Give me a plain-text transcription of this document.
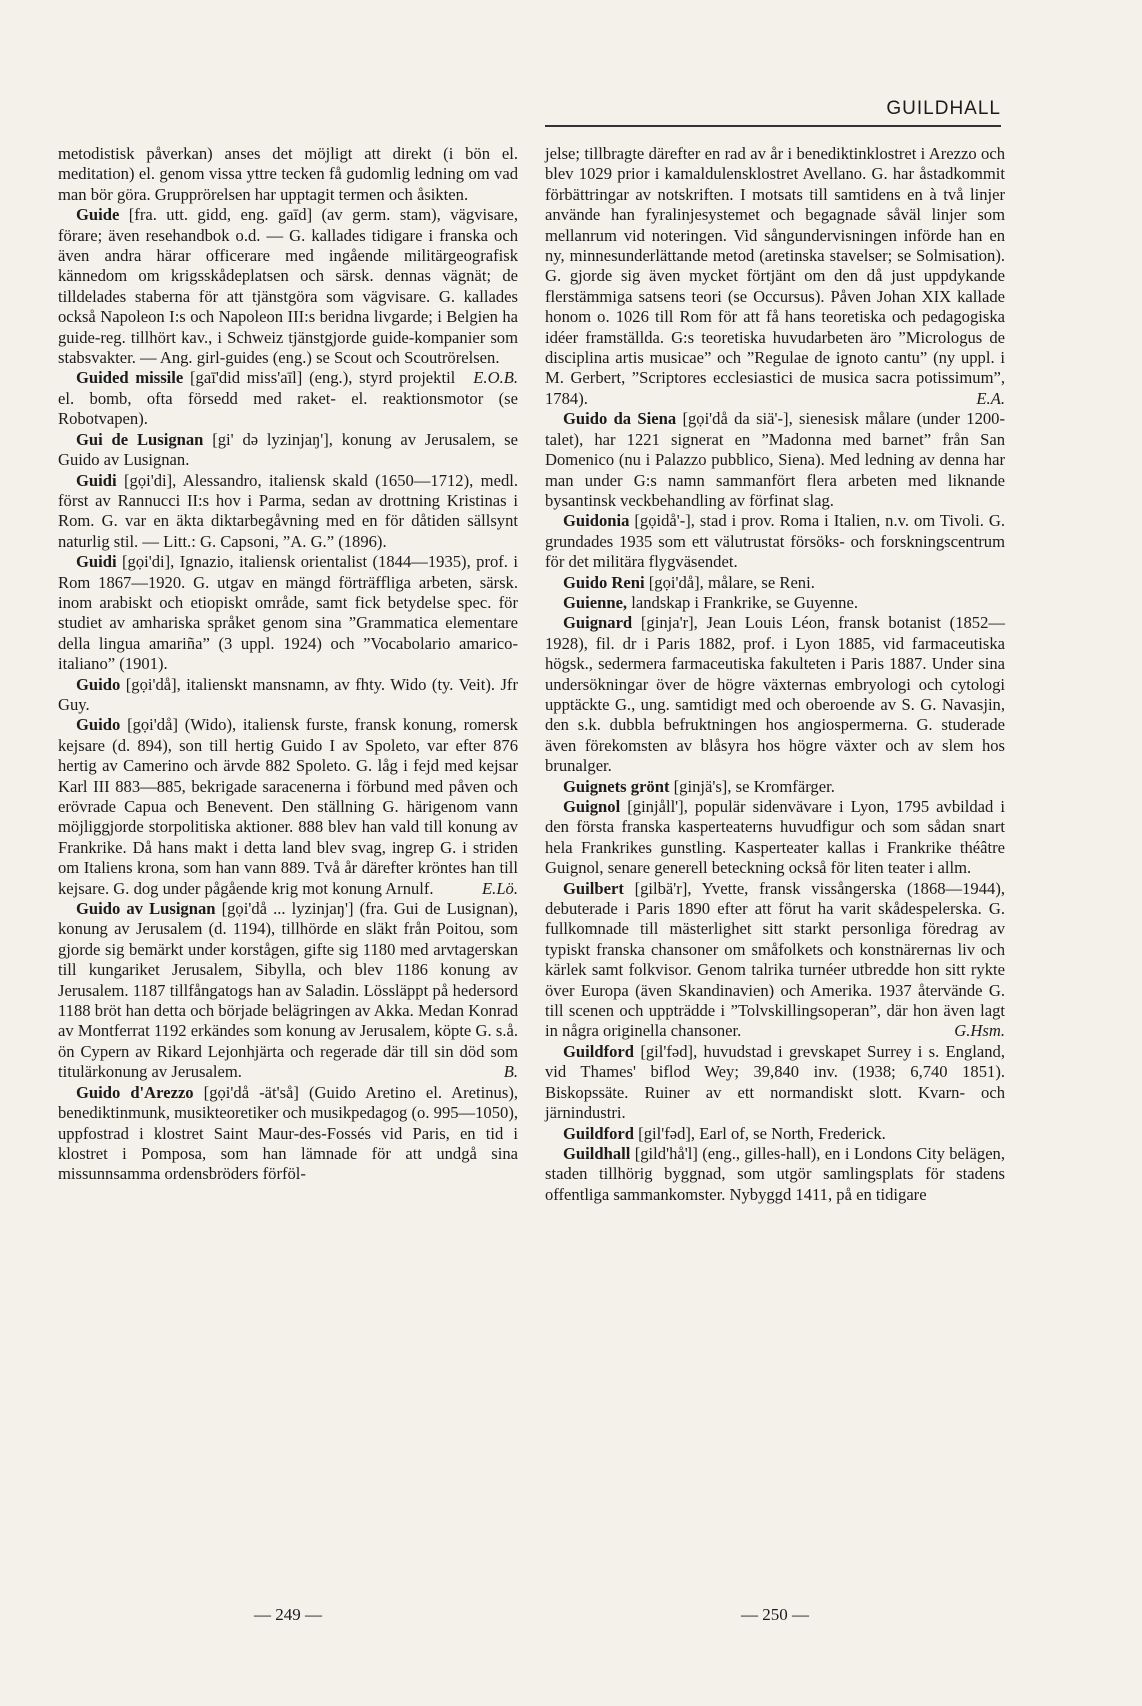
GUILDHALL

metodistisk påverkan) anses det möjligt att direkt (i bön el. meditation) el. genom vissa yttre tecken få gudomlig ledning om vad man bör göra. Grupprörelsen har upptagit termen och åsikten.

Guide [fra. utt. gidd, eng. gaīd] (av germ. stam), vägvisare, förare; även resehandbok o.d. — G. kallades tidigare i franska och även andra härar officerare med ingående militärgeografisk kännedom om krigsskådeplatsen och särsk. dennas vägnät; de tilldelades staberna för att tjänstgöra som vägvisare. G. kallades också Napoleon I:s och Napoleon III:s beridna livgarde; i Belgien ha guide-reg. tillhört kav., i Schweiz tjänstgjorde guide-kompanier som stabsvakter. — Ang. girl-guides (eng.) se Scout och Scoutrörelsen.
E.O.B.

Guided missile [gaī'did miss'aīl] (eng.), styrd projektil el. bomb, ofta försedd med raket- el. reaktionsmotor (se Robotvapen).

Gui de Lusignan [gi' də lyzinjaŋ'], konung av Jerusalem, se Guido av Lusignan.

Guidi [gọi'di], Alessandro, italiensk skald (1650—1712), medl. först av Rannucci II:s hov i Parma, sedan av drottning Kristinas i Rom. G. var en äkta diktarbegåvning med en för dåtiden sällsynt naturlig stil. — Litt.: G. Capsoni, ”A. G.” (1896).

Guidi [gọi'di], Ignazio, italiensk orientalist (1844—1935), prof. i Rom 1867—1920. G. utgav en mängd förträffliga arbeten, särsk. inom arabiskt och etiopiskt område, samt fick betydelse spec. för studiet av amhariska språket genom sina ”Grammatica elementare della lingua amariña” (3 uppl. 1924) och ”Vocabolario amarico-italiano” (1901).

Guido [gọi'då], italienskt mansnamn, av fhty. Wido (ty. Veit). Jfr Guy.

Guido [gọi'då] (Wido), italiensk furste, fransk konung, romersk kejsare (d. 894), son till hertig Guido I av Spoleto, var efter 876 hertig av Camerino och ärvde 882 Spoleto. G. låg i fejd med kejsar Karl III 883—885, bekrigade saracenerna i förbund med påven och erövrade Capua och Benevent. Den ställning G. härigenom vann möjliggjorde storpolitiska aktioner. 888 blev han vald till konung av Frankrike. Då hans makt i detta land blev svag, ingrep G. i striden om Italiens krona, som han vann 889. Två år därefter kröntes han till kejsare. G. dog under pågående krig mot konung Arnulf.	E.Lö.

Guido av Lusignan [gọi'då ... lyzinjaŋ'] (fra. Gui de Lusignan), konung av Jerusalem (d. 1194), tillhörde en släkt från Poitou, som gjorde sig bemärkt under korstågen, gifte sig 1180 med arvtagerskan till kungariket Jerusalem, Sibylla, och blev 1186 konung av Jerusalem. 1187 tillfångatogs han av Saladin. Lössläppt på hedersord 1188 bröt han detta och började belägringen av Akka. Medan Konrad av Montferrat 1192 erkändes som konung av Jerusalem, köpte G. s.å. ön Cypern av Rikard Lejonhjärta och regerade där till sin död som titulärkonung av Jerusalem.	B.

Guido d'Arezzo [gọi'då -ät'så] (Guido Aretino el. Aretinus), benediktinmunk, musikteoretiker och musikpedagog (o. 995—1050), uppfostrad i klostret Saint Maur-des-Fossés vid Paris, en tid i klostret i Pomposa, som han lämnade för att undgå sina missunnsamma ordensbröders förföl-

jelse; tillbragte därefter en rad av år i benediktinklostret i Arezzo och blev 1029 prior i kamaldulensklostret Avellano. G. har åstadkommit förbättringar av notskriften. I motsats till samtidens en à två linjer använde han fyralinjesystemet och begagnade såväl linjer som mellanrum vid noteringen. Vid sångundervisningen införde han en ny, minnesunderlättande metod (aretinska stavelser; se Solmisation). G. gjorde sig även mycket förtjänt om den då just uppdykande flerstämmiga satsens teori (se Occursus). Påven Johan XIX kallade honom o. 1026 till Rom för att få hans teoretiska och pedagogiska idéer framställda. G:s teoretiska huvudarbeten äro ”Micrologus de disciplina artis musicae” och ”Regulae de ignoto cantu” (ny uppl. i M. Gerbert, ”Scriptores ecclesiastici de musica sacra potissimum”, 1784).	E.A.

Guido da Siena [gọi'då da siä'-], sienesisk målare (under 1200-talet), har 1221 signerat en ”Madonna med barnet” från San Domenico (nu i Palazzo pubblico, Siena). Med ledning av denna har man under G:s namn sammanfört flera arbeten med liknande bysantinsk veckbehandling av förfinat slag.

Guidonia [gọidå'-], stad i prov. Roma i Italien, n.v. om Tivoli. G. grundades 1935 som ett välutrustat försöks- och forskningscentrum för det militära flygväsendet.

Guido Reni [gọi'då], målare, se Reni.

Guienne, landskap i Frankrike, se Guyenne.

Guignard [ginja'r], Jean Louis Léon, fransk botanist (1852—1928), fil. dr i Paris 1882, prof. i Lyon 1885, vid farmaceutiska högsk., sedermera farmaceutiska fakulteten i Paris 1887. Under sina undersökningar över de högre växternas embryologi och cytologi upptäckte G., ung. samtidigt med och oberoende av S. G. Navasjin, den s.k. dubbla befruktningen hos angiospermerna. G. studerade även förekomsten av blåsyra hos högre växter och av slem hos brunalger.

Guignets grönt [ginjä's], se Kromfärger.

Guignol [ginjåll'], populär sidenvävare i Lyon, 1795 avbildad i den första franska kasperteaterns huvudfigur och som sådan snart hela Frankrikes gunstling. Kasperteater kallas i Frankrike théâtre Guignol, senare generell beteckning också för liten teater i allm.

Guilbert [gilbä'r], Yvette, fransk vissångerska (1868—1944), debuterade i Paris 1890 efter att förut ha varit skådespelerska. G. fullkomnade till mästerlighet sitt starkt personliga föredrag av typiskt franska chansoner om småfolkets och konstnärernas liv och kärlek samt folkvisor. Genom talrika turnéer utbredde hon sitt rykte över Europa (även Skandinavien) och Amerika. 1937 återvände G. till scenen och uppträdde i ”Tolvskillingsoperan”, där hon även lagt in några originella chansoner.	G.Hsm.

Guildford [gil'fəd], huvudstad i grevskapet Surrey i s. England, vid Thames' biflod Wey; 39,840 inv. (1938; 6,740 1851). Biskopssäte. Ruiner av ett normandiskt slott. Kvarn- och järnindustri.

Guildford [gil'fəd], Earl of, se North, Frederick.

Guildhall [gild'hå'l] (eng., gilles-hall), en i Londons City belägen, staden tillhörig byggnad, som utgör samlingsplats för stadens offentliga sammankomster. Nybyggd 1411, på en tidigare

— 249 —	— 250 —
